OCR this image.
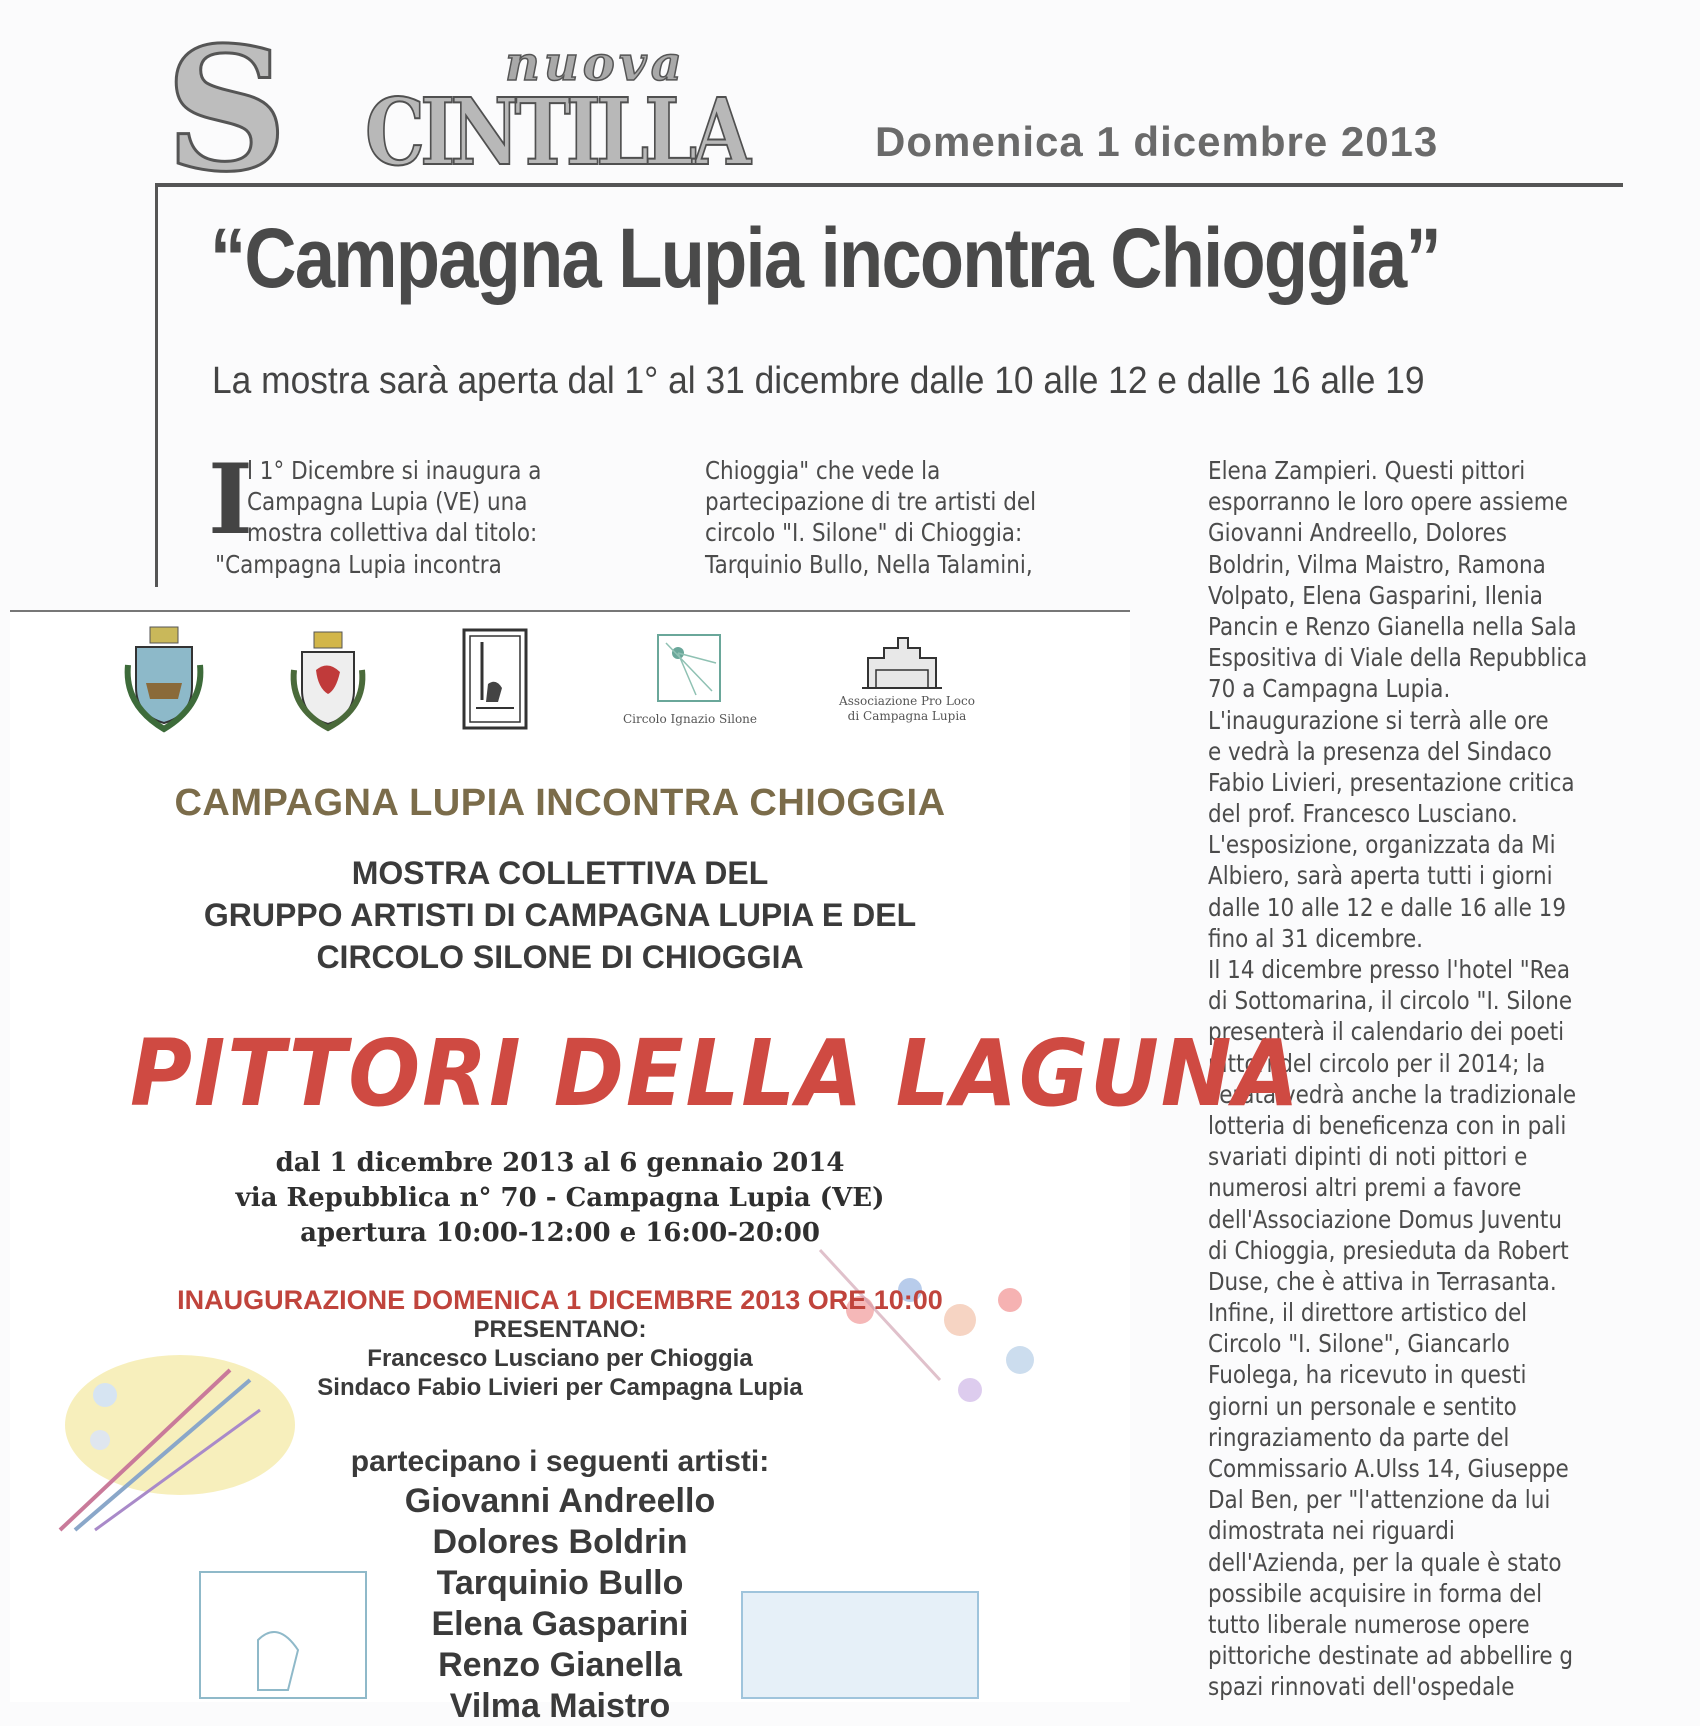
S	nuova
CINTILLA	Domenica 1 dicembre 2013
“Campagna Lupia incontra Chioggia”
La mostra sarà aperta dal 1° al 31 dicembre dalle 10 alle 12 e dalle 16 alle 19
I
l 1° Dicembre si inaugura a
Campagna Lupia (VE) una
mostra collettiva dal titolo:
"Campagna Lupia incontra
Chioggia" che vede la
partecipazione di tre artisti del
circolo "I. Silone" di Chioggia:
Tarquinio Bullo, Nella Talamini,
Elena Zampieri. Questi pittori
esporranno le loro opere assieme
Giovanni Andreello, Dolores
Boldrin, Vilma Maistro, Ramona
Volpato, Elena Gasparini, Ilenia
Pancin e Renzo Gianella nella Sala
Espositiva di Viale della Repubblica
70 a Campagna Lupia.
L'inaugurazione si terrà alle ore
e vedrà la presenza del Sindaco
Fabio Livieri, presentazione critica
del prof. Francesco Lusciano.
L'esposizione, organizzata da Mi
Albiero, sarà aperta tutti i giorni
dalle 10 alle 12 e dalle 16 alle 19
fino al 31 dicembre.
Il 14 dicembre presso l'hotel "Rea
di Sottomarina, il circolo "I. Silone
presenterà il calendario dei poeti
pittori del circolo per il 2014; la
serata vedrà anche la tradizionale
lotteria di beneficenza con in pali
svariati dipinti di noti pittori e
numerosi altri premi a favore
dell'Associazione Domus Juventu
di Chioggia, presieduta da Robert
Duse, che è attiva in Terrasanta.
Infine, il direttore artistico del
Circolo "I. Silone", Giancarlo
Fuolega, ha ricevuto in questi
giorni un personale e sentito
ringraziamento da parte del
Commissario A.Ulss 14, Giuseppe
Dal Ben, per "l'attenzione da lui
dimostrata nei riguardi
dell'Azienda, per la quale è stato
possibile acquisire in forma del
tutto liberale numerose opere
pittoriche destinate ad abbellire g
spazi rinnovati dell'ospedale
Circolo Ignazio Silone
Associazione Pro Loco
di Campagna Lupia
CAMPAGNA LUPIA INCONTRA CHIOGGIA
MOSTRA COLLETTIVA DEL
GRUPPO ARTISTI DI CAMPAGNA LUPIA E DEL
CIRCOLO SILONE DI CHIOGGIA
PITTORI DELLA LAGUNA
dal 1 dicembre 2013 al 6 gennaio 2014
via Repubblica n° 70 - Campagna Lupia (VE)
apertura 10:00-12:00 e 16:00-20:00
INAUGURAZIONE DOMENICA 1 DICEMBRE 2013 ORE 10:00
PRESENTANO:
Francesco Lusciano per Chioggia
Sindaco Fabio Livieri per Campagna Lupia
partecipano i seguenti artisti:
Giovanni Andreello
Dolores Boldrin
Tarquinio Bullo
Elena Gasparini
Renzo Gianella
Vilma Maistro
